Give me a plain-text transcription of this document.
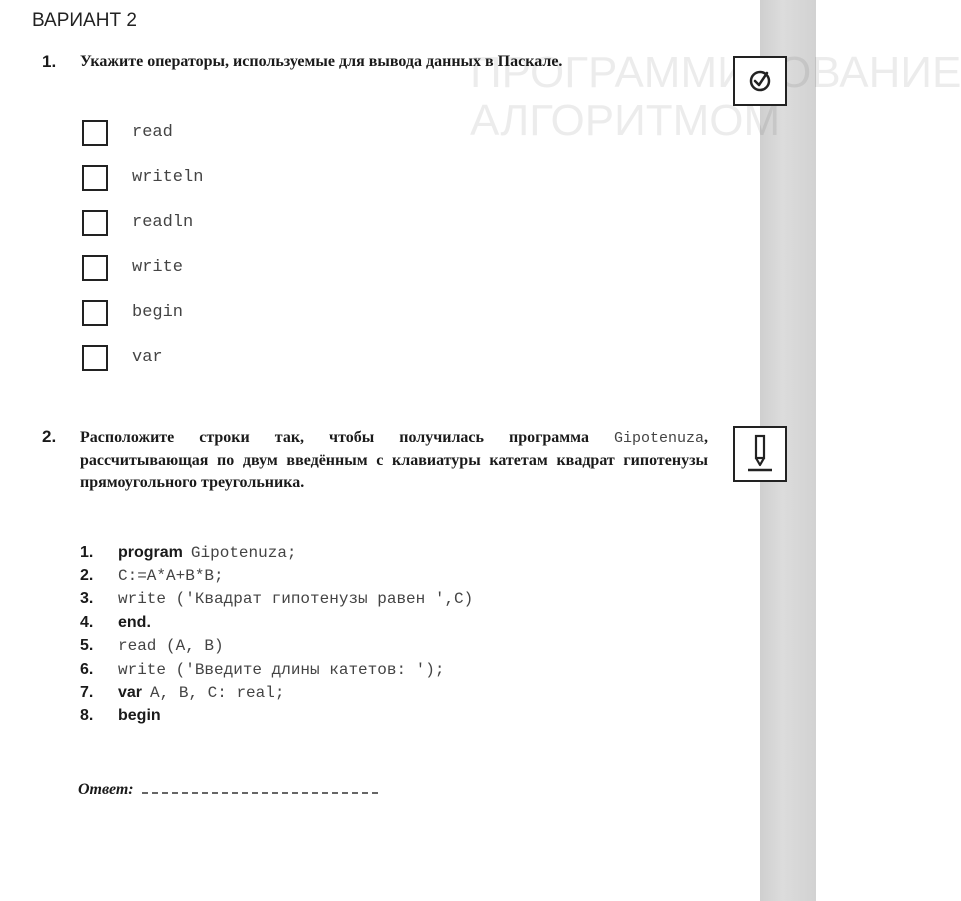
ПРОГРАММИРОВАНИЕ
АЛГОРИТМОМ
ВАРИАНТ 2
1. Укажите операторы, используемые для вывода данных в Паскале.
read
writeln
readln
write
begin
var
2. Расположите строки так, чтобы получилась программа Gipotenuza, рассчитывающая по двум введённым с клавиатуры катетам квадрат гипотенузы прямоугольного треугольника.
1.	program Gipotenuza;
2.	C:=A*A+B*B;
3.	write ('Квадрат гипотенузы равен ',C)
4.	end.
5.	read (A, B)
6.	write ('Введите длины катетов: ');
7.	var A, B, C: real;
8.	begin
Ответ:
